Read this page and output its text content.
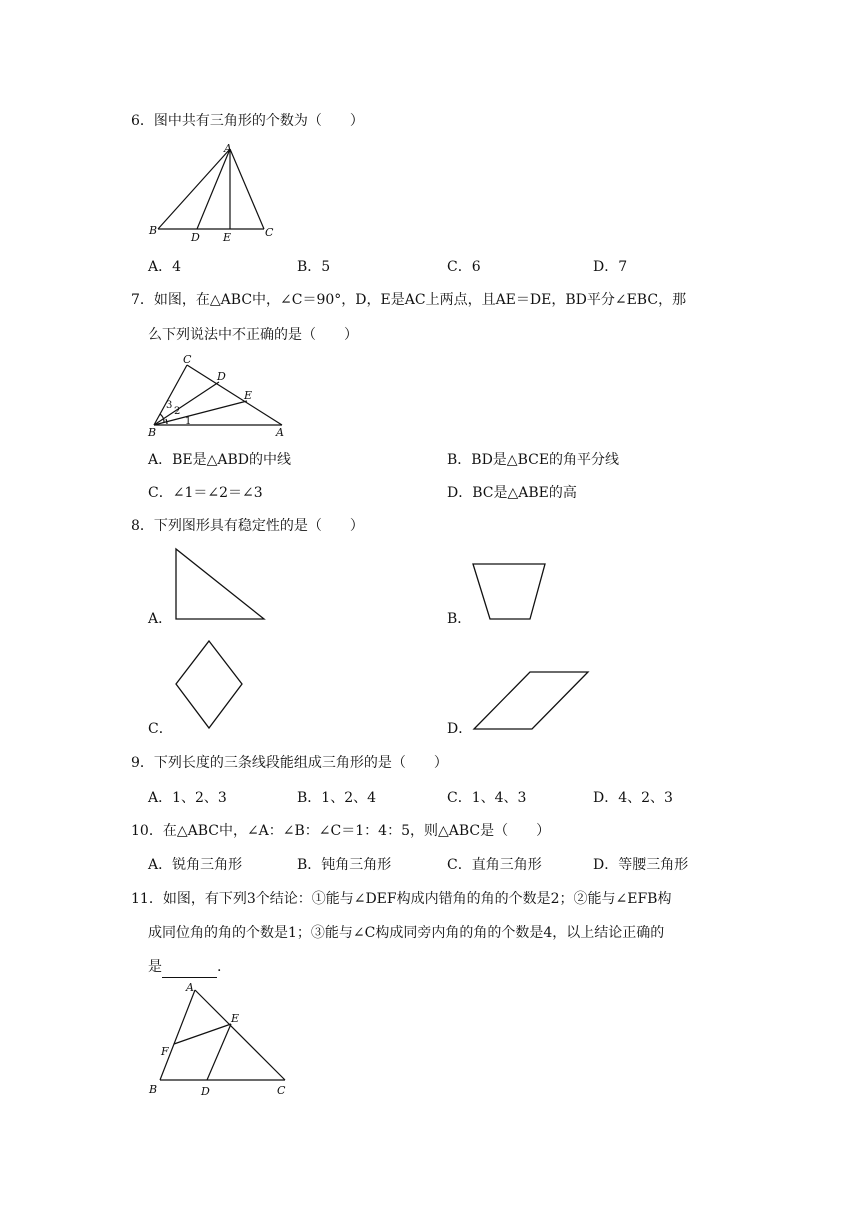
6．图中共有三角形的个数为（　　）
A
B
D E	C
A．4	B．5	C．6	D．7
7．如图，在△ABC中，∠C＝90°，D，E是AC上两点，且AE＝DE，BD平分∠EBC，那
么下列说法中不正确的是（　　）
C
D
E
B	A
1
2
3
A．BE是△ABD的中线	B．BD是△BCE的角平分线
C．∠1＝∠2＝∠3	D．BC是△ABE的高
8．下列图形具有稳定性的是（　　）
A．	B．
C．	D．
9．下列长度的三条线段能组成三角形的是（　　）
A．1、2、3	B．1、2、4	C．1、4、3	D．4、2、3
10．在△ABC中，∠A：∠B：∠C＝1：4：5，则△ABC是（　　）
A．锐角三角形	B．钝角三角形	C．直角三角形	D．等腰三角形
11．如图，有下列3个结论：①能与∠DEF构成内错角的角的个数是2；②能与∠EFB构
成同位角的角的个数是1；③能与∠C构成同旁内角的角的个数是4，以上结论正确的
是	.
A
E
F
B	D	C
